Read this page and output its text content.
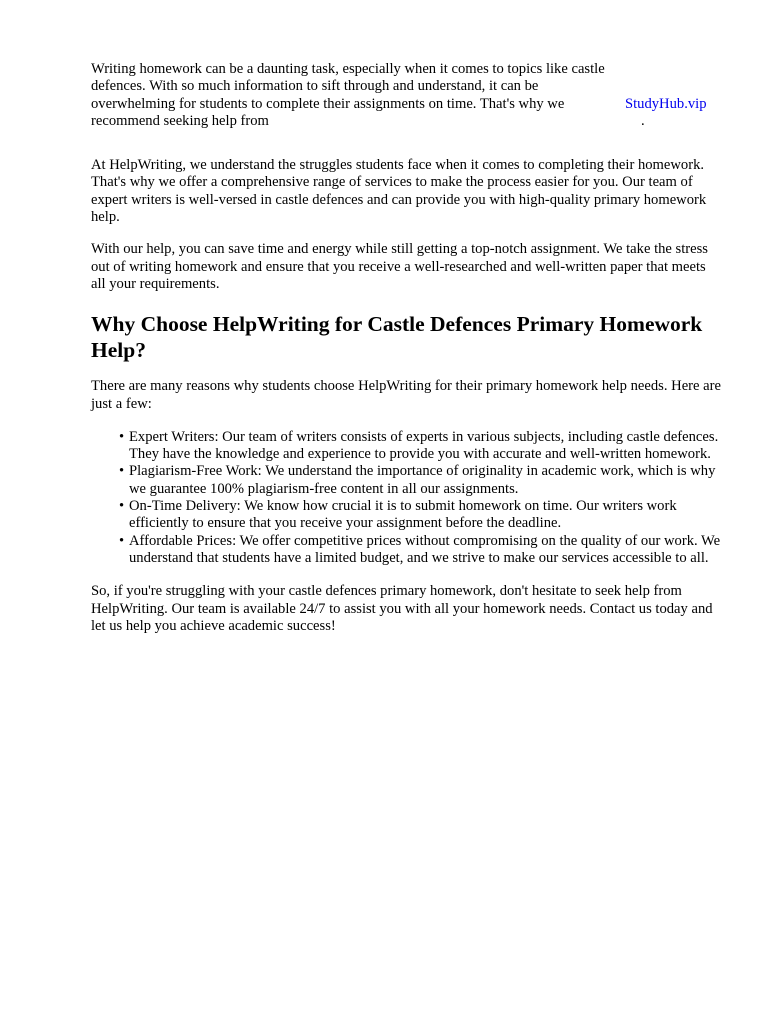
Writing homework can be a daunting task, especially when it comes to topics like castle defences. With so much information to sift through and understand, it can be overwhelming for students to complete their assignments on time. That's why we recommend seeking help from

StudyHub.vip
.

At HelpWriting, we understand the struggles students face when it comes to completing their homework. That's why we offer a comprehensive range of services to make the process easier for you. Our team of expert writers is well-versed in castle defences and can provide you with high-quality primary homework help.

With our help, you can save time and energy while still getting a top-notch assignment. We take the stress out of writing homework and ensure that you receive a well-researched and well-written paper that meets all your requirements.

Why Choose HelpWriting for Castle Defences Primary Homework Help?

There are many reasons why students choose HelpWriting for their primary homework help needs. Here are just a few:

• Expert Writers: Our team of writers consists of experts in various subjects, including castle defences. They have the knowledge and experience to provide you with accurate and well-written homework.
• Plagiarism-Free Work: We understand the importance of originality in academic work, which is why we guarantee 100% plagiarism-free content in all our assignments.
• On-Time Delivery: We know how crucial it is to submit homework on time. Our writers work efficiently to ensure that you receive your assignment before the deadline.
• Affordable Prices: We offer competitive prices without compromising on the quality of our work. We understand that students have a limited budget, and we strive to make our services accessible to all.

So, if you're struggling with your castle defences primary homework, don't hesitate to seek help from HelpWriting. Our team is available 24/7 to assist you with all your homework needs. Contact us today and let us help you achieve academic success!
